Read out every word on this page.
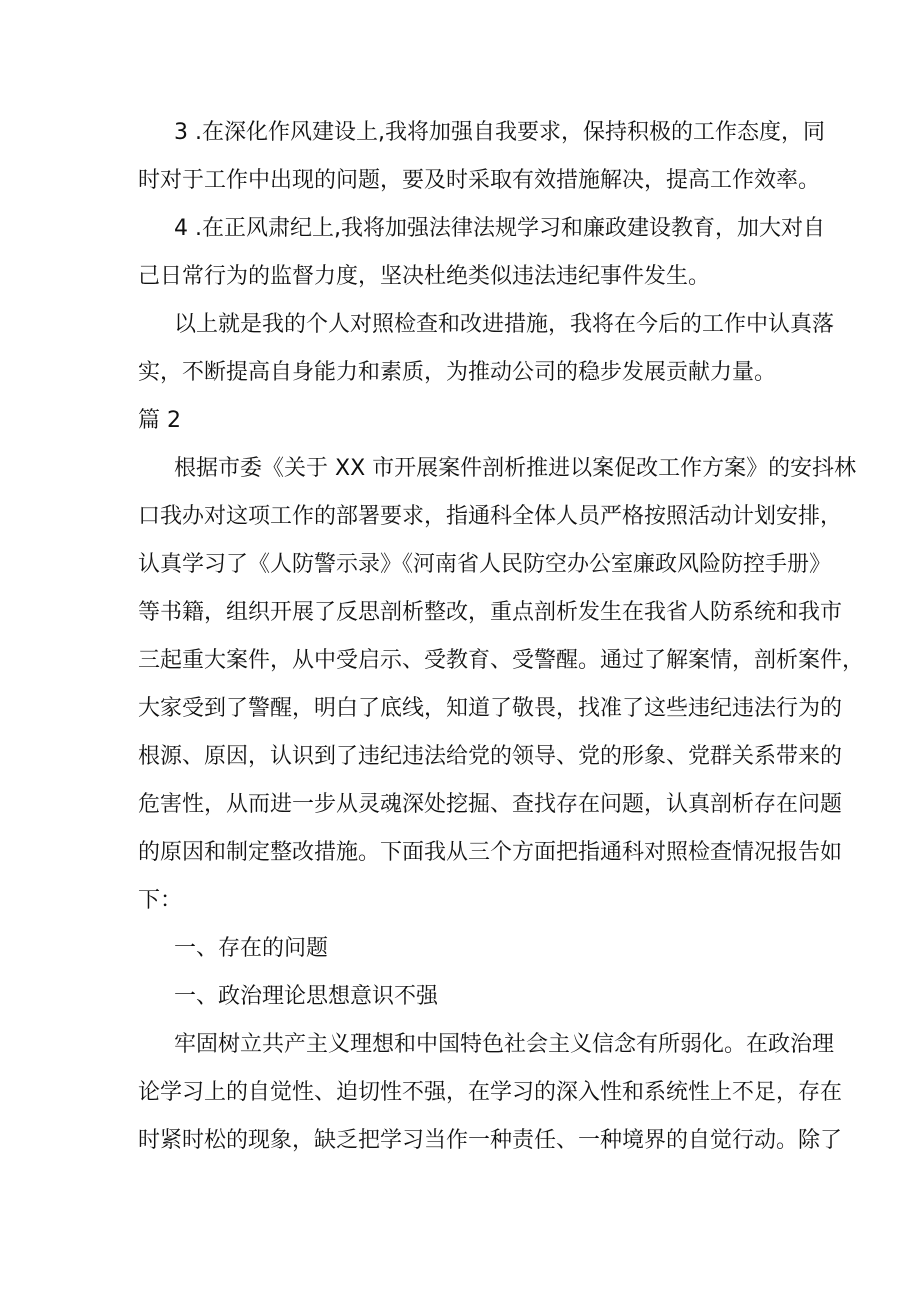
3 .在深化作风建设上,我将加强自我要求，保持积极的工作态度，同
时对于工作中出现的问题，要及时采取有效措施解决，提高工作效率。
4 .在正风肃纪上,我将加强法律法规学习和廉政建设教育，加大对自
己日常行为的监督力度，坚决杜绝类似违法违纪事件发生。
以上就是我的个人对照检查和改进措施，我将在今后的工作中认真落
实，不断提高自身能力和素质，为推动公司的稳步发展贡献力量。
篇 2
根据市委《关于 XX 市开展案件剖析推进以案促改工作方案》的安抖林
口我办对这项工作的部署要求，指通科全体人员严格按照活动计划安排，
认真学习了《人防警示录》《河南省人民防空办公室廉政风险防控手册》
等书籍，组织开展了反思剖析整改，重点剖析发生在我省人防系统和我市
三起重大案件，从中受启示、受教育、受警醒。通过了解案情，剖析案件，
大家受到了警醒，明白了底线，知道了敬畏，找准了这些违纪违法行为的
根源、原因，认识到了违纪违法给党的领导、党的形象、党群关系带来的
危害性，从而进一步从灵魂深处挖掘、查找存在问题，认真剖析存在问题
的原因和制定整改措施。下面我从三个方面把指通科对照检查情况报告如
下：
一、存在的问题
一、政治理论思想意识不强
牢固树立共产主义理想和中国特色社会主义信念有所弱化。在政治理
论学习上的自觉性、迫切性不强，在学习的深入性和系统性上不足，存在
时紧时松的现象，缺乏把学习当作一种责任、一种境界的自觉行动。除了
